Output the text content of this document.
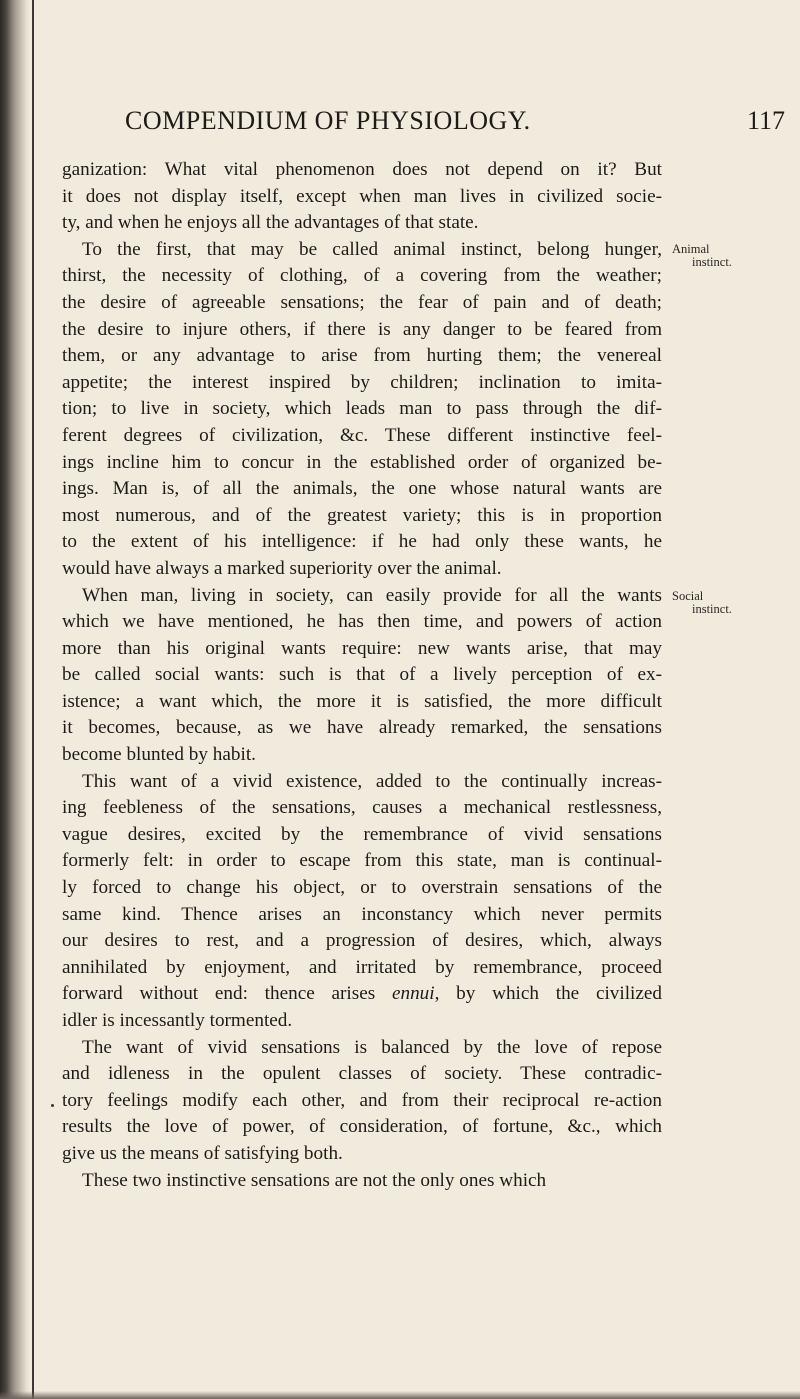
COMPENDIUM OF PHYSIOLOGY.	117
ganization: What vital phenomenon does not depend on it? But
it does not display itself, except when man lives in civilized socie-
ty, and when he enjoys all the advantages of that state.
To the first, that may be called animal instinct, belong hunger,
thirst, the necessity of clothing, of a covering from the weather;
the desire of agreeable sensations; the fear of pain and of death;
the desire to injure others, if there is any danger to be feared from
them, or any advantage to arise from hurting them; the venereal
appetite; the interest inspired by children; inclination to imita-
tion; to live in society, which leads man to pass through the dif-
ferent degrees of civilization, &c. These different instinctive feel-
ings incline him to concur in the established order of organized be-
ings. Man is, of all the animals, the one whose natural wants are
most numerous, and of the greatest variety; this is in proportion
to the extent of his intelligence: if he had only these wants, he
would have always a marked superiority over the animal.
When man, living in society, can easily provide for all the wants
which we have mentioned, he has then time, and powers of action
more than his original wants require: new wants arise, that may
be called social wants: such is that of a lively perception of ex-
istence; a want which, the more it is satisfied, the more difficult
it becomes, because, as we have already remarked, the sensations
become blunted by habit.
This want of a vivid existence, added to the continually increas-
ing feebleness of the sensations, causes a mechanical restlessness,
vague desires, excited by the remembrance of vivid sensations
formerly felt: in order to escape from this state, man is continual-
ly forced to change his object, or to overstrain sensations of the
same kind. Thence arises an inconstancy which never permits
our desires to rest, and a progression of desires, which, always
annihilated by enjoyment, and irritated by remembrance, proceed
forward without end: thence arises ennui, by which the civilized
idler is incessantly tormented.
The want of vivid sensations is balanced by the love of repose
and idleness in the opulent classes of society. These contradic-
tory feelings modify each other, and from their reciprocal re-action
results the love of power, of consideration, of fortune, &c., which
give us the means of satisfying both.
These two instinctive sensations are not the only ones which
Animal
instinct.
Social
instinct.
